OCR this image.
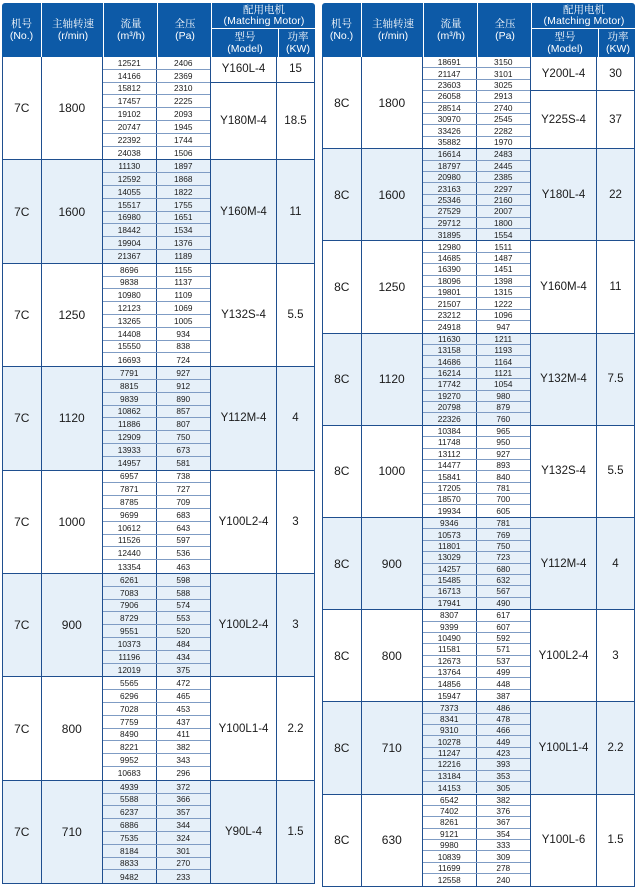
机号
(No.)
主轴转速
(r/min)
流量
(m³/h)
全压
(Pa)
配用电机
(Matching Motor)
型号
(Model)
功率
(KW)
7C	1800
12521	2406
14166	2369
15812	2310
17457	2225
19102	2093
20747	1945
22392	1744
24038	1506
Y160L-4	15
Y180M-4	18.5
7C	1600
11130	1897
12592	1868
14055	1822
15517	1755
16980	1651
18442	1534
19904	1376
21367	1189
Y160M-4	11
7C	1250
8696	1155
9838	1137
10980	1109
12123	1069
13265	1005
14408	934
15550	838
16693	724
Y132S-4	5.5
7C	1120
7791	927
8815	912
9839	890
10862	857
11886	807
12909	750
13933	673
14957	581
Y112M-4	4
7C	1000
6957	738
7871	727
8785	709
9699	683
10612	643
11526	597
12440	536
13354	463
Y100L2-4	3
7C	900
6261	598
7083	588
7906	574
8729	553
9551	520
10373	484
11196	434
12019	375
Y100L2-4	3
7C	800
5565	472
6296	465
7028	453
7759	437
8490	411
8221	382
9952	343
10683	296
Y100L1-4	2.2
7C	710
4939	372
5588	366
6237	357
6886	344
7535	324
8184	301
8833	270
9482	233
Y90L-4	1.5
机号
(No.)
主轴转速
(r/min)
流量
(m³/h)
全压
(Pa)
配用电机
(Matching Motor)
型号
(Model)
功率
(KW)
8C	1800
18691	3150
21147	3101
23603	3025
26058	2913
28514	2740
30970	2545
33426	2282
35882	1970
Y200L-4	30
Y225S-4	37
8C	1600
16614	2483
18797	2445
20980	2385
23163	2297
25346	2160
27529	2007
29712	1800
31895	1554
Y180L-4	22
8C	1250
12980	1511
14685	1487
16390	1451
18096	1398
19801	1315
21507	1222
23212	1096
24918	947
Y160M-4	11
8C	1120
11630	1211
13158	1193
14686	1164
16214	1121
17742	1054
19270	980
20798	879
22326	760
Y132M-4	7.5
8C	1000
10384	965
11748	950
13112	927
14477	893
15841	840
17205	781
18570	700
19934	605
Y132S-4	5.5
8C	900
9346	781
10573	769
11801	750
13029	723
14257	680
15485	632
16713	567
17941	490
Y112M-4	4
8C	800
8307	617
9399	607
10490	592
11581	571
12673	537
13764	499
14856	448
15947	387
Y100L2-4	3
8C	710
7373	486
8341	478
9310	466
10278	449
11247	423
12216	393
13184	353
14153	305
Y100L1-4	2.2
8C	630
6542	382
7402	376
8261	367
9121	354
9980	333
10839	309
11699	278
12558	240
Y100L-6	1.5
